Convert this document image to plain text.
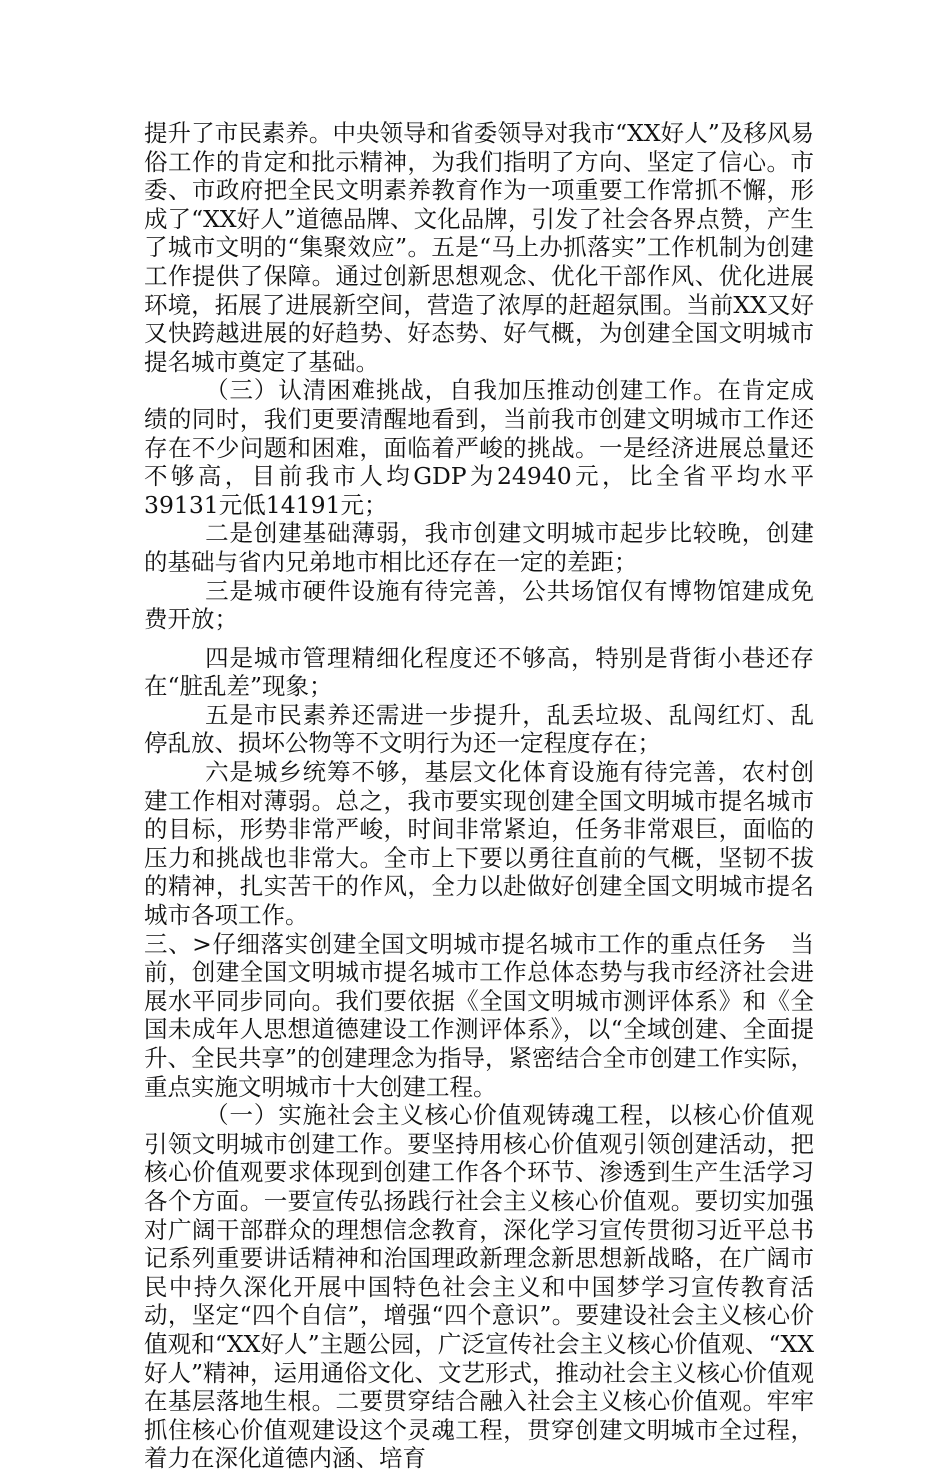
提升了市民素养。中央领导和省委领导对我市“XX好人”及移风易俗工作的肯定和批示精神，为我们指明了方向、坚定了信心。市委、市政府把全民文明素养教育作为一项重要工作常抓不懈，形成了“XX好人”道德品牌、文化品牌，引发了社会各界点赞，产生了城市文明的“集聚效应”。五是“马上办抓落实”工作机制为创建工作提供了保障。通过创新思想观念、优化干部作风、优化进展环境，拓展了进展新空间，营造了浓厚的赶超氛围。当前XX又好又快跨越进展的好趋势、好态势、好气概，为创建全国文明城市提名城市奠定了基础。

（三）认清困难挑战，自我加压推动创建工作。在肯定成绩的同时，我们更要清醒地看到，当前我市创建文明城市工作还存在不少问题和困难，面临着严峻的挑战。一是经济进展总量还不够高，目前我市人均GDP为24940元，比全省平均水平39131元低14191元；

二是创建基础薄弱，我市创建文明城市起步比较晚，创建的基础与省内兄弟地市相比还存在一定的差距；

三是城市硬件设施有待完善，公共场馆仅有博物馆建成免费开放；

四是城市管理精细化程度还不够高，特别是背街小巷还存在“脏乱差”现象；

五是市民素养还需进一步提升，乱丢垃圾、乱闯红灯、乱停乱放、损坏公物等不文明行为还一定程度存在；

六是城乡统筹不够，基层文化体育设施有待完善，农村创建工作相对薄弱。总之，我市要实现创建全国文明城市提名城市的目标，形势非常严峻，时间非常紧迫，任务非常艰巨，面临的压力和挑战也非常大。全市上下要以勇往直前的气概，坚韧不拔的精神，扎实苦干的作风，全力以赴做好创建全国文明城市提名城市各项工作。

三、>仔细落实创建全国文明城市提名城市工作的重点任务　当前，创建全国文明城市提名城市工作总体态势与我市经济社会进展水平同步同向。我们要依据《全国文明城市测评体系》和《全国未成年人思想道德建设工作测评体系》，以“全域创建、全面提升、全民共享”的创建理念为指导，紧密结合全市创建工作实际，重点实施文明城市十大创建工程。

（一）实施社会主义核心价值观铸魂工程，以核心价值观引领文明城市创建工作。要坚持用核心价值观引领创建活动，把核心价值观要求体现到创建工作各个环节、渗透到生产生活学习各个方面。一要宣传弘扬践行社会主义核心价值观。要切实加强对广阔干部群众的理想信念教育，深化学习宣传贯彻习近平总书记系列重要讲话精神和治国理政新理念新思想新战略，在广阔市民中持久深化开展中国特色社会主义和中国梦学习宣传教育活动，坚定“四个自信”，增强“四个意识”。要建设社会主义核心价值观和“XX好人”主题公园，广泛宣传社会主义核心价值观、“XX好人”精神，运用通俗文化、文艺形式，推动社会主义核心价值观在基层落地生根。二要贯穿结合融入社会主义核心价值观。牢牢抓住核心价值观建设这个灵魂工程，贯穿创建文明城市全过程，着力在深化道德内涵、培育
